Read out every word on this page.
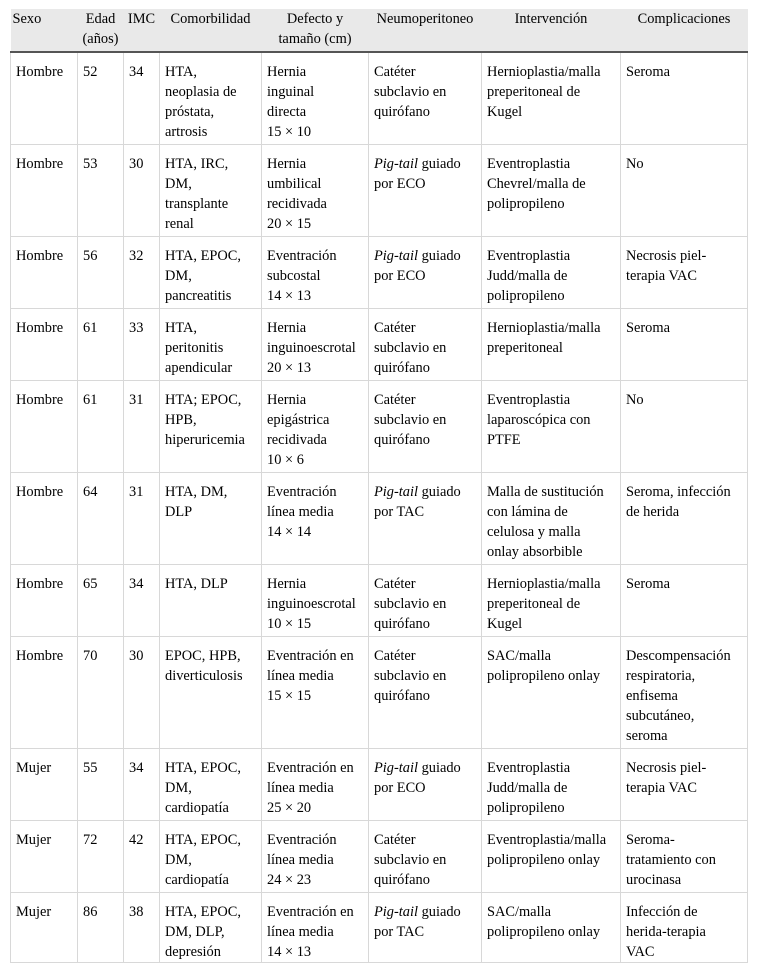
Sexo	Edad
(años)	IMC	Comorbilidad	Defecto y
tamaño (cm)	Neumoperitoneo	Intervención	Complicaciones
Hombre	52	34	HTA,
neoplasia de
próstata,
artrosis	Hernia
inguinal
directa
15 × 10	Catéter
subclavio en
quirófano	Hernioplastia/malla
preperitoneal de
Kugel	Seroma

Hombre	53	30	HTA, IRC,
DM,
transplante
renal	Hernia
umbilical
recidivada
20 × 15	Pig-tail guiado
por ECO	Eventroplastia
Chevrel/malla de
polipropileno	No

Hombre	56	32	HTA, EPOC,
DM,
pancreatitis	Eventración
subcostal
14 × 13	Pig-tail guiado
por ECO	Eventroplastia
Judd/malla de
polipropileno	Necrosis piel-
terapia VAC

Hombre	61	33	HTA,
peritonitis
apendicular	Hernia
inguinoescrotal
20 × 13	Catéter
subclavio en
quirófano	Hernioplastia/malla
preperitoneal	Seroma

Hombre	61	31	HTA; EPOC,
HPB,
hiperuricemia	Hernia
epigástrica
recidivada
10 × 6	Catéter
subclavio en
quirófano	Eventroplastia
laparoscópica con
PTFE	No

Hombre	64	31	HTA, DM,
DLP	Eventración
línea media
14 × 14	Pig-tail guiado
por TAC	Malla de sustitución
con lámina de
celulosa y malla
onlay absorbible	Seroma, infección
de herida

Hombre	65	34	HTA, DLP	Hernia
inguinoescrotal
10 × 15	Catéter
subclavio en
quirófano	Hernioplastia/malla
preperitoneal de
Kugel	Seroma

Hombre	70	30	EPOC, HPB,
diverticulosis	Eventración en
línea media
15 × 15	Catéter
subclavio en
quirófano	SAC/malla
polipropileno onlay	Descompensación
respiratoria,
enfisema
subcutáneo,
seroma

Mujer	55	34	HTA, EPOC,
DM,
cardiopatía	Eventración en
línea media
25 × 20	Pig-tail guiado
por ECO	Eventroplastia
Judd/malla de
polipropileno	Necrosis piel-
terapia VAC

Mujer	72	42	HTA, EPOC,
DM,
cardiopatía	Eventración
línea media
24 × 23	Catéter
subclavio en
quirófano	Eventroplastia/malla
polipropileno onlay	Seroma-
tratamiento con
urocinasa

Mujer	86	38	HTA, EPOC,
DM, DLP,
depresión	Eventración en
línea media
14 × 13	Pig-tail guiado
por TAC	SAC/malla
polipropileno onlay	Infección de
herida-terapia
VAC
